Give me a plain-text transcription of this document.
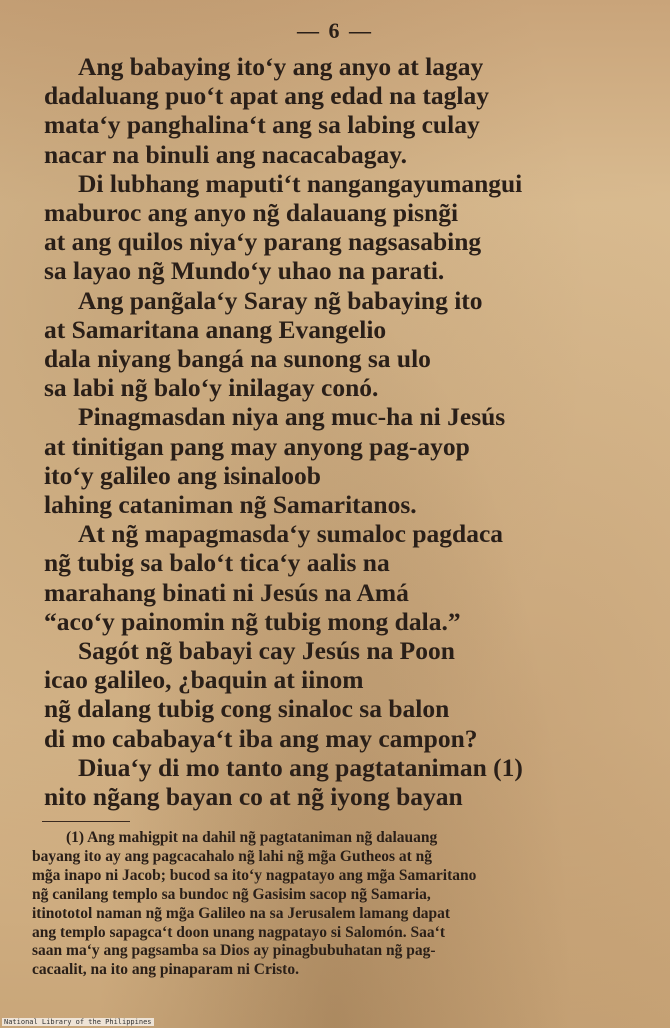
— 6 —
Ang babaying ito‘y ang anyo at lagay
dadaluang puo‘t apat ang edad na taglay
mata‘y panghalina‘t ang sa labing culay
nacar na binuli ang nacacabagay.
Di lubhang maputi‘t nangangayumangui
maburoc ang anyo ng̃ dalauang pisng̃i
at ang quilos niya‘y parang nagsasabing
sa layao ng̃ Mundo‘y uhao na parati.
Ang pang̃ala‘y Saray ng̃ babaying ito
at Samaritana anang Evangelio
dala niyang bangá na sunong sa ulo
sa labi ng̃ balo‘y inilagay conó.
Pinagmasdan niya ang muc-ha ni Jesús
at tinitigan pang may anyong pag-ayop
ito‘y galileo ang isinaloob
lahing cataniman ng̃ Samaritanos.
At ng̃ mapagmasda‘y sumaloc pagdaca
ng̃ tubig sa balo‘t tica‘y aalis na
marahang binati ni Jesús na Amá
“aco‘y painomin ng̃ tubig mong dala.”
Sagót ng̃ babayi cay Jesús na Poon
icao galileo, ¿baquin at iinom
ng̃ dalang tubig cong sinaloc sa balon
di mo cababaya‘t iba ang may campon?
Diua‘y di mo tanto ang pagtataniman (1)
nito ng̃ang bayan co at ng̃ iyong bayan
(1) Ang mahigpit na dahil ng̃ pagtataniman ng̃ dalauang
bayang ito ay ang pagcacahalo ng̃ lahi ng̃ mg̃a Gutheos at ng̃
mg̃a inapo ni Jacob; bucod sa ito‘y nagpatayo ang mg̃a Samaritano
ng̃ canilang templo sa bundoc ng̃ Gasisim sacop ng̃ Samaria,
itinototol naman ng̃ mg̃a Galileo na sa Jerusalem lamang dapat
ang templo sapagca‘t doon unang nagpatayo si Salomón. Saa‘t
saan ma‘y ang pagsamba sa Dios ay pinagbubuhatan ng̃ pag-
cacaalit, na ito ang pinaparam ni Cristo.
National Library of the Philippines
